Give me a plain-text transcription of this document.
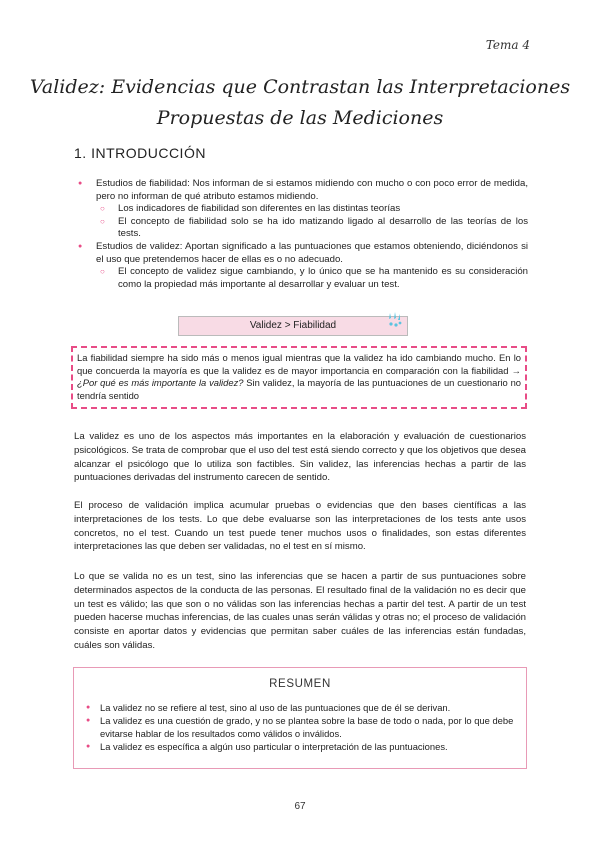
Tema 4
Validez: Evidencias que Contrastan las Interpretaciones
Propuestas de las Mediciones
1. INTRODUCCIÓN
● Estudios de fiabilidad: Nos informan de si estamos midiendo con mucho o con poco error de medida, pero no informan de qué atributo estamos midiendo.
○ Los indicadores de fiabilidad son diferentes en las distintas teorías
○ El concepto de fiabilidad solo se ha ido matizando ligado al desarrollo de las teorías de los tests.
● Estudios de validez: Aportan significado a las puntuaciones que estamos obteniendo, diciéndonos si el uso que pretendemos hacer de ellas es o no adecuado.
○ El concepto de validez sigue cambiando, y lo único que se ha mantenido es su consideración como la propiedad más importante al desarrollar y evaluar un test.
Validez > Fiabilidad
La fiabilidad siempre ha sido más o menos igual mientras que la validez ha ido cambiando mucho. En lo que concuerda la mayoría es que la validez es de mayor importancia en comparación con la fiabilidad → ¿Por qué es más importante la validez? Sin validez, la mayoría de las puntuaciones de un cuestionario no tendría sentido
La validez es uno de los aspectos más importantes en la elaboración y evaluación de cuestionarios psicológicos. Se trata de comprobar que el uso del test está siendo correcto y que los objetivos que desea alcanzar el psicólogo que lo utiliza son factibles. Sin validez, las inferencias hechas a partir de las puntuaciones derivadas del instrumento carecen de sentido.
El proceso de validación implica acumular pruebas o evidencias que den bases científicas a las interpretaciones de los tests. Lo que debe evaluarse son las interpretaciones de los tests ante usos concretos, no el test. Cuando un test puede tener muchos usos o finalidades, son estas diferentes interpretaciones las que deben ser validadas, no el test en sí mismo.
Lo que se valida no es un test, sino las inferencias que se hacen a partir de sus puntuaciones sobre determinados aspectos de la conducta de las personas. El resultado final de la validación no es decir que un test es válido; las que son o no válidas son las inferencias hechas a partir del test. A partir de un test pueden hacerse muchas inferencias, de las cuales unas serán válidas y otras no; el proceso de validación consiste en aportar datos y evidencias que permitan saber cuáles de las inferencias están fundadas, cuáles son válidas.
RESUMEN
● La validez no se refiere al test, sino al uso de las puntuaciones que de él se derivan.
● La validez es una cuestión de grado, y no se plantea sobre la base de todo o nada, por lo que debe evitarse hablar de los resultados como válidos o inválidos.
● La validez es específica a algún uso particular o interpretación de las puntuaciones.
67
